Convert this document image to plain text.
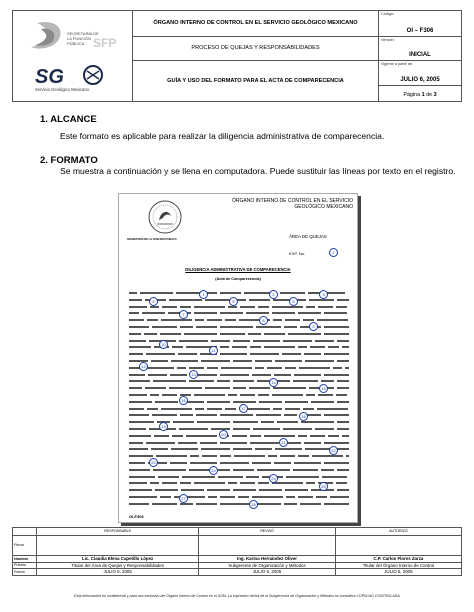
SECRETARÍA DE
LA FUNCIÓN
PÚBLICA SFP
SG
Servicio Geológico Mexicano
ÓRGANO INTERNO DE CONTROL EN EL SERVICIO GEOLÓGICO MEXICANO
PROCESO DE QUEJAS Y RESPONSABILIDADES
GUÍA Y USO DEL FORMATO PARA EL ACTA DE COMPARECENCIA
Código:
OI – F306
Versión:
INICIAL
Vigente a partir de:
JULIO 6, 2005
Página 1 de 3
1. ALCANCE
Este formato es aplicable para realizar la diligencia administrativa de comparecencia.
2. FORMATO
Se muestra a continuación y se llena en computadora. Puede sustituir las líneas por texto en el registro.
SECRETARÍA DE LA FUNCIÓN PÚBLICA
ÓRGANO INTERNO DE CONTROL EN EL SERVICIO GEOLÓGICO MEXICANO
ÁREA DE QUEJAS
EXP. No.
DILIGENCIA ADMINISTRATIVA DE COMPARECENCIA
(Acta de Comparecencia)
1	2	3
4	5	6
7
8
9
10
11
12
13
14
15
16
17
18
19
20
21
22
23
24
25
26
27
28
2
OI-F306
	RESPONSABLE	REVISÓ	AUTORIZÓ
Firma			
Nombre	Lic. Claudia Elena Capetillo López	Ing. Karina Hernández Oliver	C.P. Carlos Flores Zarza
Puesto	Titular del Área de Quejas y Responsabilidades	Subgerente de Organización y Métodos	Titular del Órgano Interno de Control
Fecha	JULIO 5, 2005	JULIO 5, 2005	JULIO 5, 2005
Esta información es confidencial y para uso exclusivo del Órgano Interno de Control en el SGM. La impresión hecha de la Subgerencia de Organización y Métodos se considera COPIA NO CONTROLADA
